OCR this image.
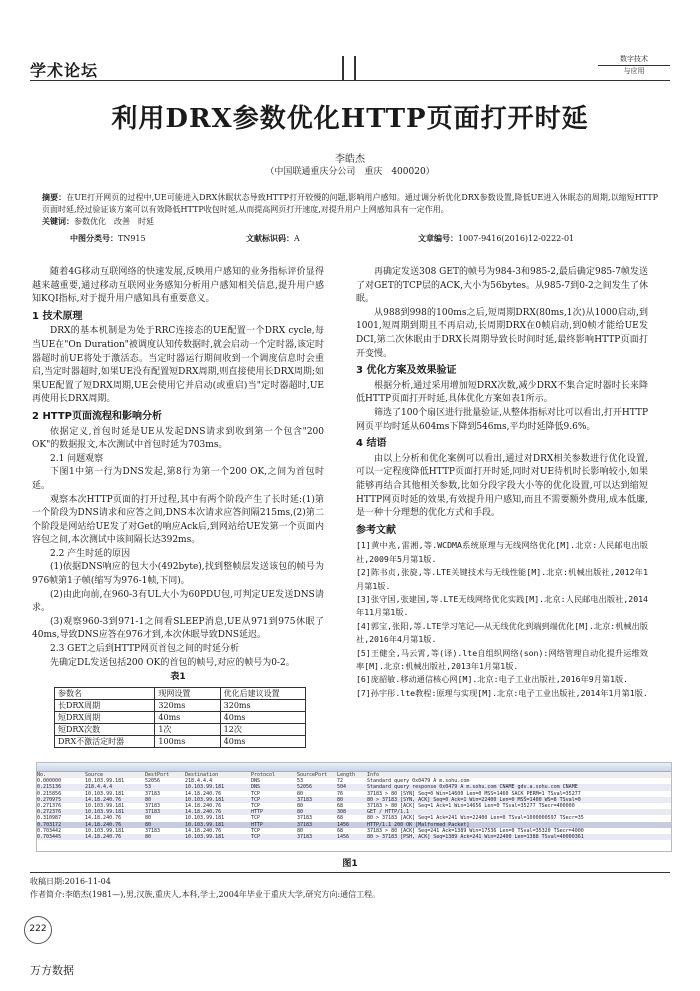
学术论坛
数字技术
与应用
利用DRX参数优化HTTP页面打开时延
李皓杰
（中国联通重庆分公司　重庆　400020）
摘要：在UE打开网页的过程中,UE可能进入DRX休眠状态导致HTTP打开较慢的问题,影响用户感知。通过调分析优化DRX参数设置,降低UE进入休眠态的周期,以缩短HTTP页面时延,经过验证该方案可以有效降低HTTP收包时延,从而提高网页打开速度,对提升用户上网感知具有一定作用。
关键词：参数优化　改善　时延
中图分类号：TN915	文献标识码：A	文章编号：1007-9416(2016)12-0222-01

随着4G移动互联网络的快速发展,反映用户感知的业务指标评价显得越来越重要,通过移动互联网业务感知分析用户感知相关信息,提升用户感知KQI指标,对于提升用户感知具有重要意义。

1 技术原理

DRX的基本机制是为处于RRC连接态的UE配置一个DRX cycle,每当UE在"On Duration"被调度认知传数据时,就会启动一个定时器,该定时器超时前UE将处于激活态。当定时器运行期间收到一个调度信息时会重启,当定时器超时,如果UE没有配置短DRX周期,则直接使用长DRX周期;如果UE配置了短DRX周期,UE会使用它并启动(或重启)当"定时器超时,UE再使用长DRX周期。

2 HTTP页面流程和影响分析

依据定义,首包时延是UE从发起DNS请求到收到第一个包含"200 OK"的数据报文,本次测试中首包时延为703ms。

2.1 问题观察

下图1中第一行为DNS发起,第8行为第一个200 OK,之间为首包时延。

观察本次HTTP页面的打开过程,其中有两个阶段产生了长时延:(1)第一个阶段为DNS请求和应答之间,DNS本次请求应答间隔215ms,(2)第二个阶段是网站给UE发了对Get的响应Ack后,到网站给UE发第一个页面内容包之间,本次测试中该间隔长达392ms。

2.2 产生时延的原因

(1)依据DNS响应的包大小(492byte),找到整帧层发送该包的帧号为976帧第1子帧(缩写为976-1帧,下同)。

(2)由此向前,在960-3有UL大小为60PDU包,可判定UE发送DNS请求。

(3)观察960-3到971-1之间看SLEEP消息,UE从971到975休眠了40ms,导致DNS应答在976才到,本次休眠导致DNS延迟。

2.3 GET之后到HTTP网页首包之间的时延分析

先确定DL发送包括200 OK的首包的帧号,对应的帧号为0-2。

表1
参数名	现网设置	优化后建议设置
长DRX周期	320ms	320ms
短DRX周期	40ms	40ms
短DRX次数	1次	12次
DRX不激活定时器	100ms	40ms

再确定发送308 GET的帧号为984-3和985-2,最后确定985-7帧发送了对GET的TCP层的ACK,大小为56bytes。从985-7到0-2之间发生了休眠。

从988到998的100ms之后,短周期DRX(80ms,1次)从1000启动,到1001,短周期到期且不再启动,长周期DRX在0帧启动,到0帧才能给UE发DCI,第二次休眠由于DRX长周期导致长时间时延,最终影响HTTP页面打开变慢。

3 优化方案及效果验证

根据分析,通过采用增加短DRX次数,减少DRX不集合定时器时长来降低HTTP页面打开时延,具体优化方案如表1所示。

筛选了100个扇区进行批量验证,从整体指标对比可以看出,打开HTTP网页平均时延从604ms下降到546ms,平均时延降低9.6%。

4 结语

由以上分析和优化案例可以看出,通过对DRX相关参数进行优化设置,可以一定程度降低HTTP页面打开时延,同时对UE待机时长影响较小,如果能够再结合其他相关参数,比如分段字段大小等的优化设置,可以达到缩短HTTP网页时延的效果,有效提升用户感知,而且不需要额外费用,成本低廉,是一种十分理想的优化方式和手段。

参考文献

[1]黄中兆,雷湘,等.WCDMA系统原理与无线网络优化[M].北京:人民邮电出版社,2009年5月第1版.

[2]陈书贞,张旋,等.LTE关键技术与无线性能[M].北京:机械出版社,2012年1月第1版.

[3]张守国,张建国,等.LTE无线网络优化实践[M].北京:人民邮电出版社,2014年11月第1版.

[4]郭宝,张阳,等.LTE学习笔记——从无线优化到端到端优化[M].北京:机械出版社,2016年4月第1版.

[5]王健全,马云霄,等(译).lte自组织网络(son):网络管理自动化提升运维效率[M].北京:机械出版社,2013年1月第1版.

[6]庞韶敏.移动通信核心网[M].北京:电子工业出版社,2016年9月第1版.

[7]孙宇彤.lte教程:原理与实现[M].北京:电子工业出版社,2014年1月第1版.

No.	Source	DestPort	Destination	Protocol	SourcePort Length Info
0.000000	10.103.99.181	52056	218.4.4.4	DNS	53	72	Standard query 0x0479 A m.sohu.com
0.215136	218.4.4.4	53	10.103.99.181	DNS	52056	504	Standard query response 0x0479 A m.sohu.com CNAME gdv.a.sohu.com CNAME
0.215856	10.103.99.181	37183	14.18.240.76	TCP	80	76	37183 > 80 [SYN] Seq=0 Win=14600 Len=0 MSS=1460 SACK_PERM=1 TSval=35277
0.270975	14.18.240.76	80	10.103.99.181	TCP	37183	80	80 > 37183 [SYN, ACK] Seq=0 Ack=1 Win=22400 Len=0 MSS=1400 WS=8 TSval=0
0.271376	10.103.99.181	37183	14.18.240.76	TCP	80	68	37183 > 80 [ACK] Seq=1 Ack=1 Win=14656 Len=0 TSval=35277 TSecr=400000
0.272376	10.103.99.181	37183	14.18.240.76	HTTP	80	308	GET / HTTP/1.1
0.310987	14.18.240.76	80	10.103.99.181	TCP	37183	68	80 > 37183 [ACK] Seq=1 Ack=241 Win=22400 Len=0 TSval=1000000597 TSecr=35
0.703172	14.18.240.76	80	10.103.99.181	HTTP	37183	1456	HTTP/1.1 200 OK [Malformed Packet]
0.703442	10.103.99.181	37183	14.18.240.76	TCP	80	68	37183 > 80 [ACK] Seq=241 Ack=1389 Win=17536 Len=0 TSval=35320 TSecr=4000
0.703445	14.18.240.76	80	10.103.99.181	TCP	37183	1456	80 > 37183 [PSH, ACK] Seq=1389 Ack=241 Win=22400 Len=1388 TSval=40000361
图1
收稿日期:2016-11-04
作者简介:李皓杰(1981—),男,汉族,重庆人,本科,学士,2004年毕业于重庆大学,研究方向:通信工程。
222
万方数据
